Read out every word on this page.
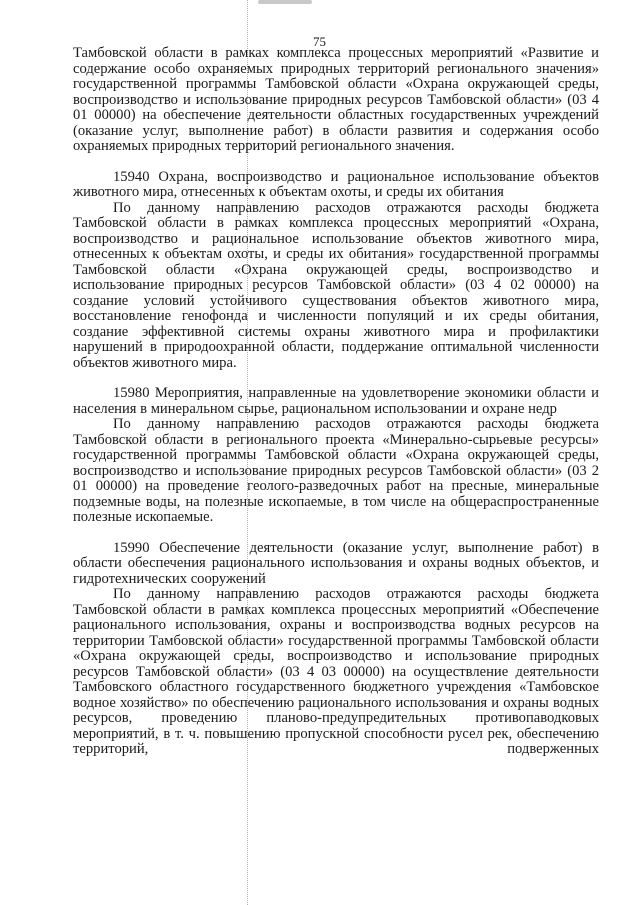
75

Тамбовской области в рамках комплекса процессных мероприятий «Развитие и содержание особо охраняемых природных территорий регионального значения» государственной программы Тамбовской области «Охрана окружающей среды, воспроизводство и использование природных ресурсов Тамбовской области» (03 4 01 00000) на обеспечение деятельности областных государственных учреждений (оказание услуг, выполнение работ) в области развития и содержания особо охраняемых природных территорий регионального значения.

15940 Охрана, воспроизводство и рациональное использование объектов животного мира, отнесенных к объектам охоты, и среды их обитания

По данному направлению расходов отражаются расходы бюджета Тамбовской области в рамках комплекса процессных мероприятий «Охрана, воспроизводство и рациональное использование объектов животного мира, отнесенных к объектам охоты, и среды их обитания» государственной программы Тамбовской области «Охрана окружающей среды, воспроизводство и использование природных ресурсов Тамбовской области» (03 4 02 00000) на создание условий устойчивого существования объектов животного мира, восстановление генофонда и численности популяций и их среды обитания, создание эффективной системы охраны животного мира и профилактики нарушений в природоохранной области, поддержание оптимальной численности объектов животного мира.

15980 Мероприятия, направленные на удовлетворение экономики области и населения в минеральном сырье, рациональном использовании и охране недр

По данному направлению расходов отражаются расходы бюджета Тамбовской области в регионального проекта «Минерально-сырьевые ресурсы» государственной программы Тамбовской области «Охрана окружающей среды, воспроизводство и использование природных ресурсов Тамбовской области» (03 2 01 00000) на проведение геолого-разведочных работ на пресные, минеральные подземные воды, на полезные ископаемые, в том числе на общераспространенные полезные ископаемые.

15990 Обеспечение деятельности (оказание услуг, выполнение работ) в области обеспечения рационального использования и охраны водных объектов, и гидротехнических сооружений

По данному направлению расходов отражаются расходы бюджета Тамбовской области в рамках комплекса процессных мероприятий «Обеспечение рационального использования, охраны и воспроизводства водных ресурсов на территории Тамбовской области» государственной программы Тамбовской области «Охрана окружающей среды, воспроизводство и использование природных ресурсов Тамбовской области» (03 4 03 00000) на осуществление деятельности Тамбовского областного государственного бюджетного учреждения «Тамбовское водное хозяйство» по обеспечению рационального использования и охраны водных ресурсов, проведению планово-предупредительных противопаводковых мероприятий, в т. ч. повышению пропускной способности русел рек, обеспечению территорий, подверженных
